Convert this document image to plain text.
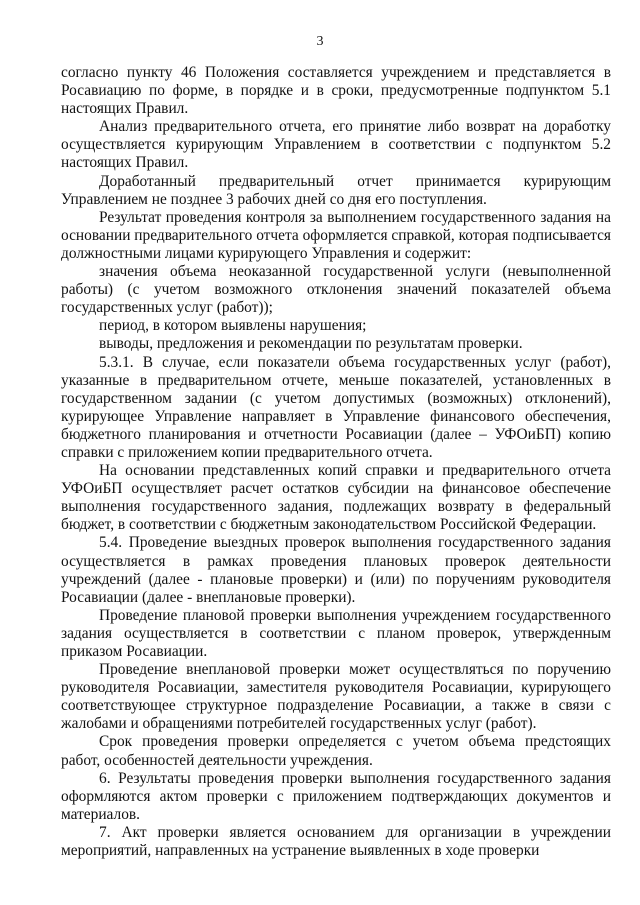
3

согласно пункту 46 Положения составляется учреждением и представляется в Росавиацию по форме, в порядке и в сроки, предусмотренные подпунктом 5.1 настоящих Правил.

Анализ предварительного отчета, его принятие либо возврат на доработку осуществляется курирующим Управлением в соответствии с подпунктом 5.2 настоящих Правил.

Доработанный предварительный отчет принимается курирующим Управлением не позднее 3 рабочих дней со дня его поступления.

Результат проведения контроля за выполнением государственного задания на основании предварительного отчета оформляется справкой, которая подписывается должностными лицами курирующего Управления и содержит:

значения объема неоказанной государственной услуги (невыполненной работы) (с учетом возможного отклонения значений показателей объема государственных услуг (работ));

период, в котором выявлены нарушения;

выводы, предложения и рекомендации по результатам проверки.

5.3.1. В случае, если показатели объема государственных услуг (работ), указанные в предварительном отчете, меньше показателей, установленных в государственном задании (с учетом допустимых (возможных) отклонений), курирующее Управление направляет в Управление финансового обеспечения, бюджетного планирования и отчетности Росавиации (далее – УФОиБП) копию справки с приложением копии предварительного отчета.

На основании представленных копий справки и предварительного отчета УФОиБП осуществляет расчет остатков субсидии на финансовое обеспечение выполнения государственного задания, подлежащих возврату в федеральный бюджет, в соответствии с бюджетным законодательством Российской Федерации.

5.4. Проведение выездных проверок выполнения государственного задания осуществляется в рамках проведения плановых проверок деятельности учреждений (далее - плановые проверки) и (или) по поручениям руководителя Росавиации (далее - внеплановые проверки).

Проведение плановой проверки выполнения учреждением государственного задания осуществляется в соответствии с планом проверок, утвержденным приказом Росавиации.

Проведение внеплановой проверки может осуществляться по поручению руководителя Росавиации, заместителя руководителя Росавиации, курирующего соответствующее структурное подразделение Росавиации, а также в связи с жалобами и обращениями потребителей государственных услуг (работ).

Срок проведения проверки определяется с учетом объема предстоящих работ, особенностей деятельности учреждения.

6. Результаты проведения проверки выполнения государственного задания оформляются актом проверки с приложением подтверждающих документов и материалов.

7. Акт проверки является основанием для организации в учреждении мероприятий, направленных на устранение выявленных в ходе проверки
